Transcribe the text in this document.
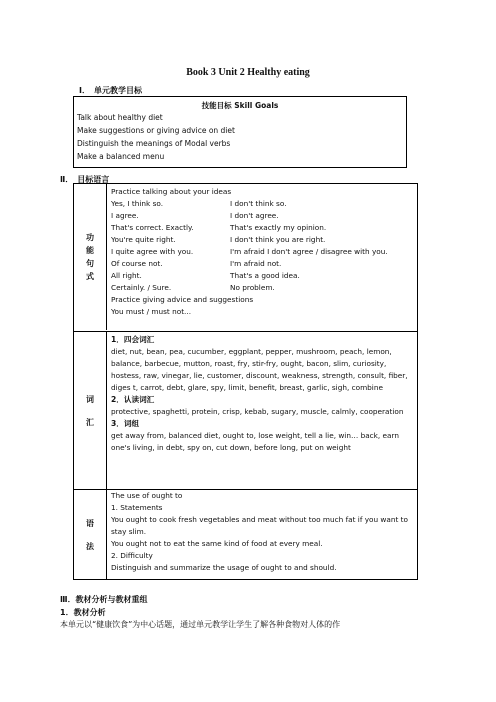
Book 3 Unit 2 Healthy eating
Ⅰ．　单元教学目标
技能目标 Skill Goals
Talk about healthy diet
Make suggestions or giving advice on diet
Distinguish the meanings of Modal verbs
Make a balanced menu
Ⅱ．　目标语言
功
能
句
式
Practice talking about your ideas
Yes, I think so.	I don't think so.
I agree.	I don't agree.
That's correct. Exactly.	That's exactly my opinion.
You're quite right.	I don't think you are right.
I quite agree with you.	I'm afraid I don't agree / disagree with you.
Of course not.	I'm afraid not.
All right.	That's a good idea.
Certainly. / Sure.	No problem.
Practice giving advice and suggestions
You must / must not...
词
汇
1．四会词汇
diet, nut, bean, pea, cucumber, eggplant, pepper, mushroom, peach, lemon, balance, barbecue, mutton, roast, fry, stir-fry, ought, bacon, slim, curiosity, hostess, raw, vinegar, lie, customer, discount, weakness, strength, consult, fiber, diges t, carrot, debt, glare, spy, limit, benefit, breast, garlic, sigh, combine
2．认读词汇
protective, spaghetti, protein, crisp, kebab, sugary, muscle, calmly, cooperation
3．词组
get away from, balanced diet, ought to, lose weight, tell a lie, win… back, earn one's living, in debt, spy on, cut down, before long, put on weight
语
法
The use of ought to
1. Statements
You ought to cook fresh vegetables and meat without too much fat if you want to stay slim.
You ought not to eat the same kind of food at every meal.
2. Difficulty
Distinguish and summarize the usage of ought to and should.
Ⅲ．教材分析与教材重组
1．教材分析
本单元以“健康饮食”为中心话题，通过单元教学让学生了解各种食物对人体的作
